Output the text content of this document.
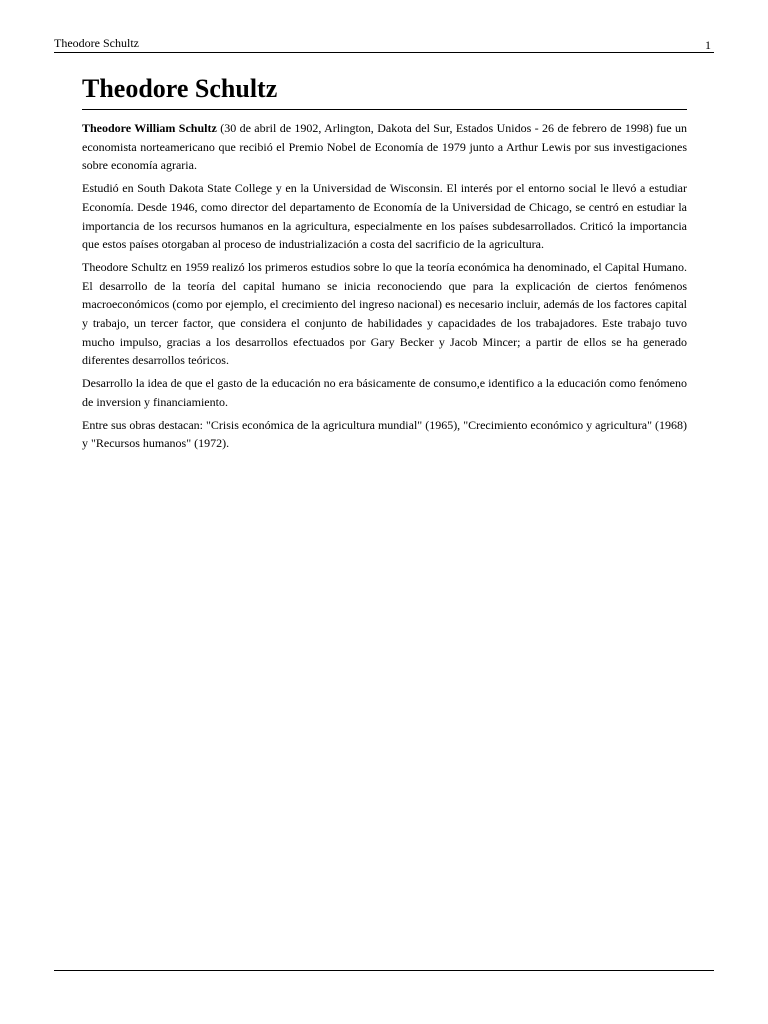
Theodore Schultz	1
Theodore Schultz

Theodore William Schultz (30 de abril de 1902, Arlington, Dakota del Sur, Estados Unidos - 26 de febrero de 1998) fue un economista norteamericano que recibió el Premio Nobel de Economía de 1979 junto a Arthur Lewis por sus investigaciones sobre economía agraria.

Estudió en South Dakota State College y en la Universidad de Wisconsin. El interés por el entorno social le llevó a estudiar Economía. Desde 1946, como director del departamento de Economía de la Universidad de Chicago, se centró en estudiar la importancia de los recursos humanos en la agricultura, especialmente en los países subdesarrollados. Criticó la importancia que estos países otorgaban al proceso de industrialización a costa del sacrificio de la agricultura.

Theodore Schultz en 1959 realizó los primeros estudios sobre lo que la teoría económica ha denominado, el Capital Humano. El desarrollo de la teoría del capital humano se inicia reconociendo que para la explicación de ciertos fenómenos macroeconómicos (como por ejemplo, el crecimiento del ingreso nacional) es necesario incluir, además de los factores capital y trabajo, un tercer factor, que considera el conjunto de habilidades y capacidades de los trabajadores. Este trabajo tuvo mucho impulso, gracias a los desarrollos efectuados por Gary Becker y Jacob Mincer; a partir de ellos se ha generado diferentes desarrollos teóricos.

Desarrollo la idea de que el gasto de la educación no era básicamente de consumo,e identifico a la educación como fenómeno de inversion y financiamiento.

Entre sus obras destacan: "Crisis económica de la agricultura mundial" (1965), "Crecimiento económico y agricultura" (1968) y "Recursos humanos" (1972).
